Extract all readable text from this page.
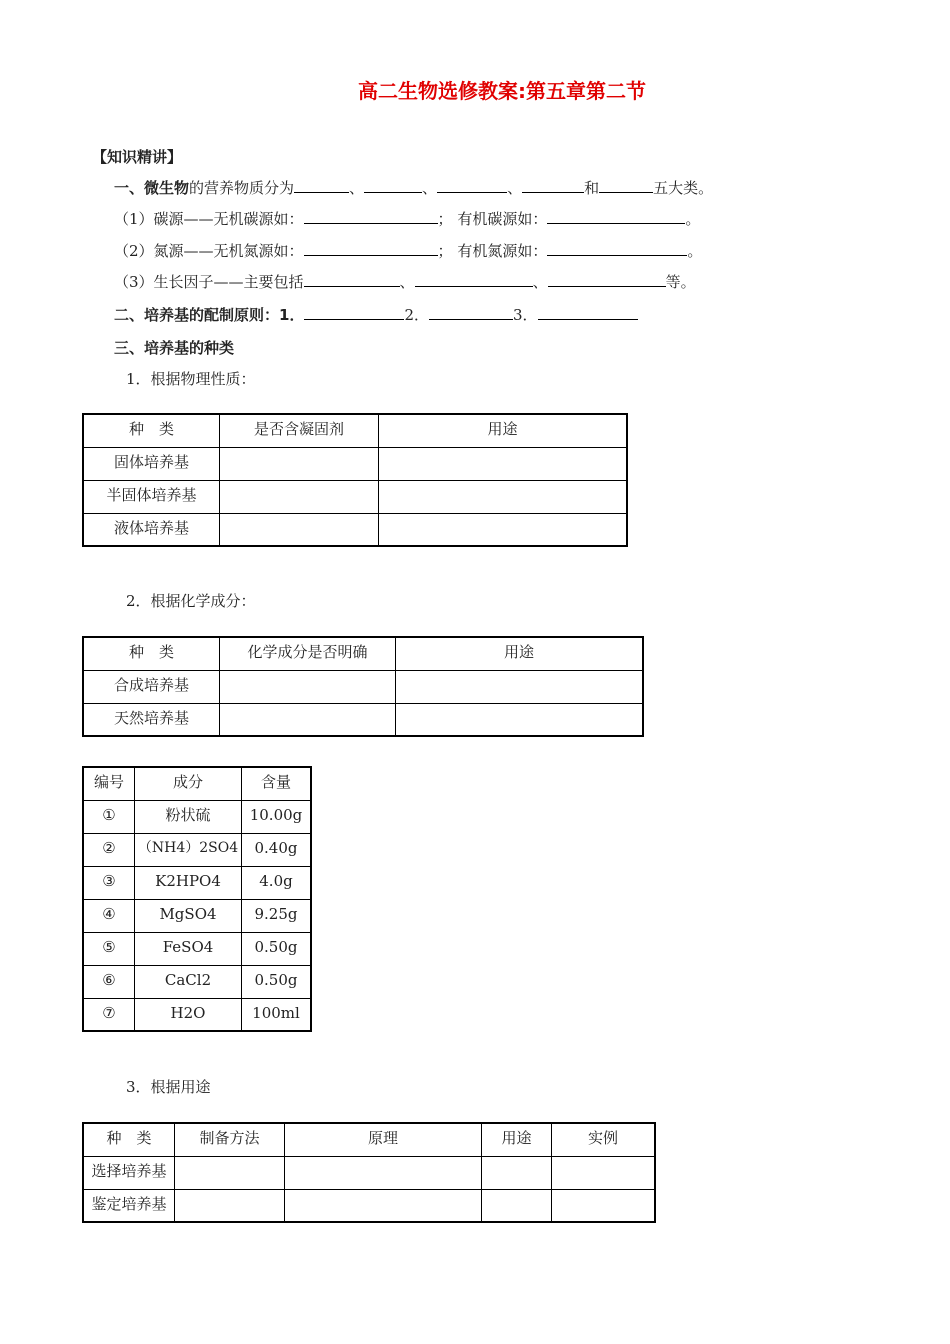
高二生物选修教案:第五章第二节
【知识精讲】
一、微生物的营养物质分为	、	、	、	和	五大类。
（1）碳源——无机碳源如：	； 有机碳源如：	。
（2）氮源——无机氮源如：	； 有机氮源如：	。
（3）生长因子——主要包括	、	、	等。
二、培养基的配制原则：1．	2．	3．
三、培养基的种类
1．根据物理性质：
种　类	是否含凝固剂	用途
固体培养基		
半固体培养基		
液体培养基		
2．根据化学成分：
种　类	化学成分是否明确	用途
合成培养基		
天然培养基		
编号	成分	含量
①	粉状硫	10.00g
②	（NH4）2SO4	0.40g
③	K2HPO4	4.0g
④	MgSO4	9.25g
⑤	FeSO4	0.50g
⑥	CaCl2	0.50g
⑦	H2O	100ml
3．根据用途
种　类	制备方法	原理	用途	实例
选择培养基				
鉴定培养基				
